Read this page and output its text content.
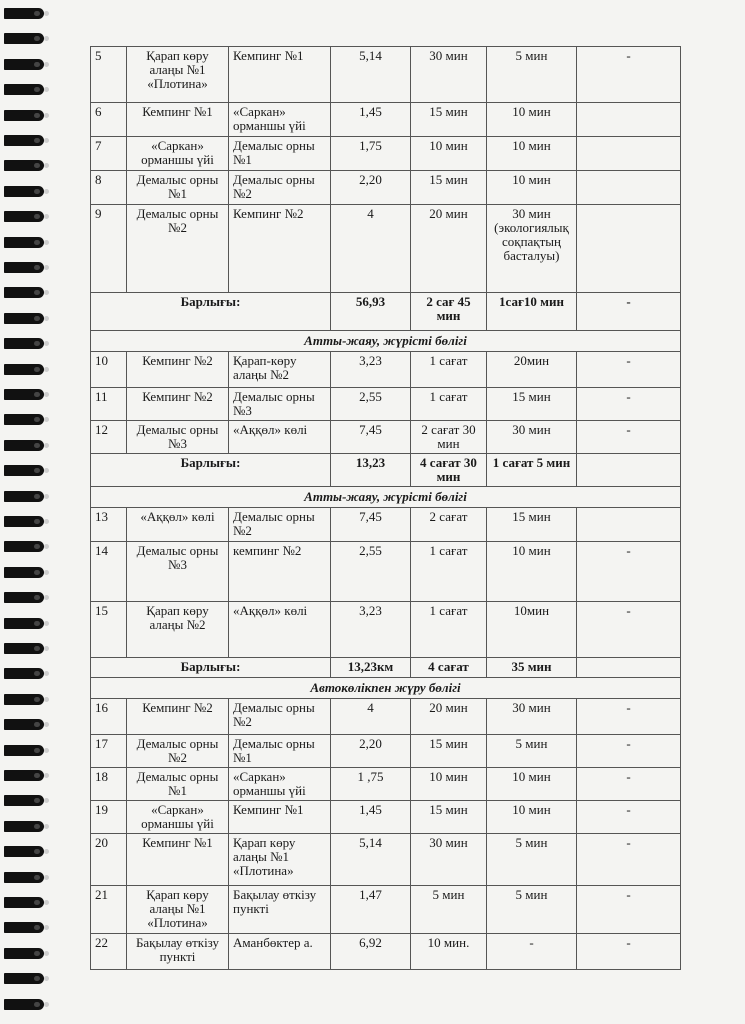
5	Қарап көру алаңы №1 «Плотина»	Кемпинг №1	5,14	30 мин	5 мин	-
6	Кемпинг №1	«Саркан» орманшы үйі	1,45	15 мин	10 мин	
7	«Саркан» орманшы үйі	Демалыс орны №1	1,75	10 мин	10 мин	
8	Демалыс орны №1	Демалыс орны №2	2,20	15 мин	10 мин	
9	Демалыс орны №2	Кемпинг №2	4	20 мин	30 мин (экологиялық соқпақтың басталуы)	
Барлығы:			56,93	2 сағ 45 мин	1сағ10 мин	-
Атты-жаяу, жүрісті бөлігі						
10	Кемпинг №2	Қарап-көру алаңы №2	3,23	1 сағат	20мин	-
11	Кемпинг №2	Демалыс орны №3	2,55	1 сағат	15 мин	-
12	Демалыс орны №3	«Аққөл» көлі	7,45	2 сағат 30 мин	30 мин	-
Барлығы:			13,23	4 сағат 30 мин	1 сағат 5 мин	
Атты-жаяу, жүрісті бөлігі						
13	«Аққөл» көлі	Демалыс орны №2	7,45	2 сағат	15 мин	
14	Демалыс орны №3	кемпинг №2	2,55	1 сағат	10 мин	-
15	Қарап көру алаңы №2	«Аққөл» көлі	3,23	1 сағат	10мин	-
Барлығы:			13,23км	4 сағат	35 мин	
Автокөлікпен жүру бөлігі						
16	Кемпинг №2	Демалыс орны №2	4	20 мин	30 мин	-
17	Демалыс орны №2	Демалыс орны №1	2,20	15 мин	5 мин	-
18	Демалыс орны №1	«Саркан» орманшы үйі	1 ,75	10 мин	10 мин	-
19	«Саркан» орманшы үйі	Кемпинг №1	1,45	15 мин	10 мин	-
20	Кемпинг №1	Қарап көру алаңы №1 «Плотина»	5,14	30 мин	5 мин	-
21	Қарап көру алаңы №1 «Плотина»	Бақылау өткізу пункті	1,47	5 мин	5 мин	-
22	Бақылау өткізу пункті	Аманбөктер а.	6,92	10 мин.	-	-
